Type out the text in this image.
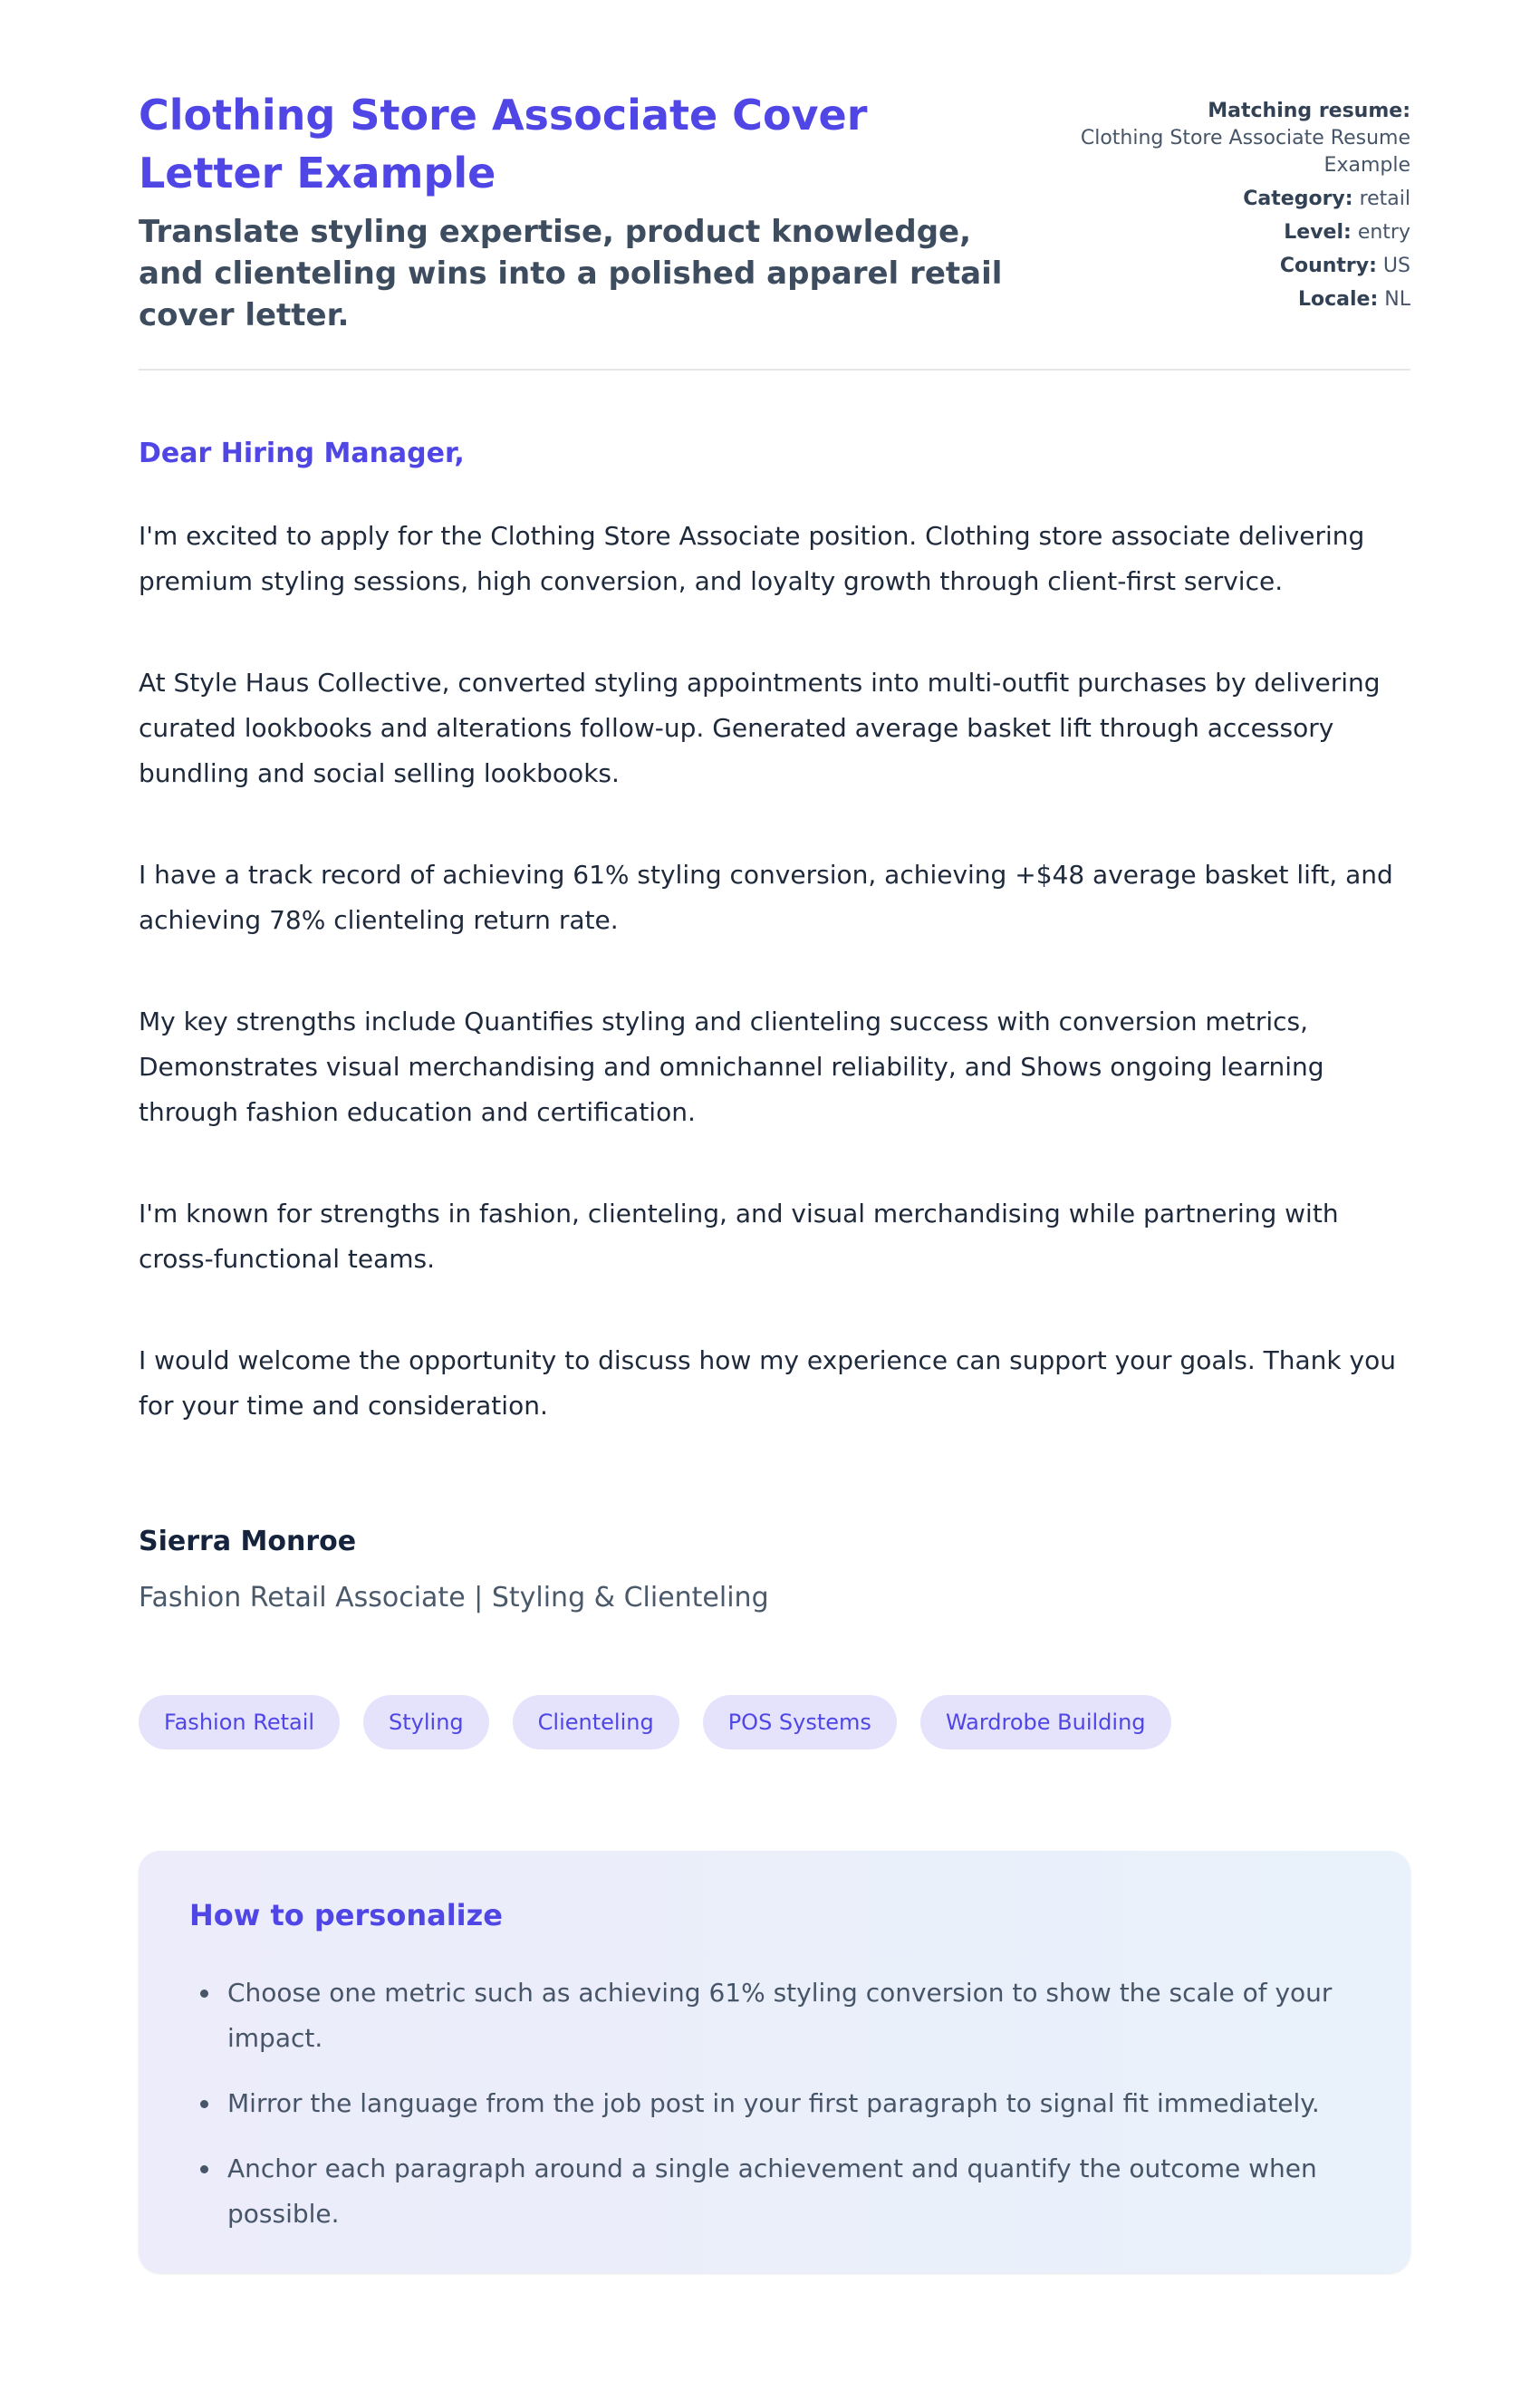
Clothing Store Associate Cover
Letter Example
Translate styling expertise, product knowledge, and clienteling wins into a polished apparel retail cover letter.
Matching resume:
Clothing Store Associate Resume Example
Category: retail
Level: entry
Country: US
Locale: NL
Dear Hiring Manager,

I'm excited to apply for the Clothing Store Associate position. Clothing store associate delivering premium styling sessions, high conversion, and loyalty growth through client-first service.

At Style Haus Collective, converted styling appointments into multi-outfit purchases by delivering curated lookbooks and alterations follow-up. Generated average basket lift through accessory bundling and social selling lookbooks.

I have a track record of achieving 61% styling conversion, achieving +$48 average basket lift, and achieving 78% clienteling return rate.

My key strengths include Quantifies styling and clienteling success with conversion metrics, Demonstrates visual merchandising and omnichannel reliability, and Shows ongoing learning through fashion education and certification.

I'm known for strengths in fashion, clienteling, and visual merchandising while partnering with cross-functional teams.

I would welcome the opportunity to discuss how my experience can support your goals. Thank you for your time and consideration.

Sierra Monroe
Fashion Retail Associate | Styling & Clienteling
Fashion Retail	Styling	Clienteling	POS Systems	Wardrobe Building
How to personalize
Choose one metric such as achieving 61% styling conversion to show the scale of your impact.
Mirror the language from the job post in your first paragraph to signal fit immediately.
Anchor each paragraph around a single achievement and quantify the outcome when possible.
